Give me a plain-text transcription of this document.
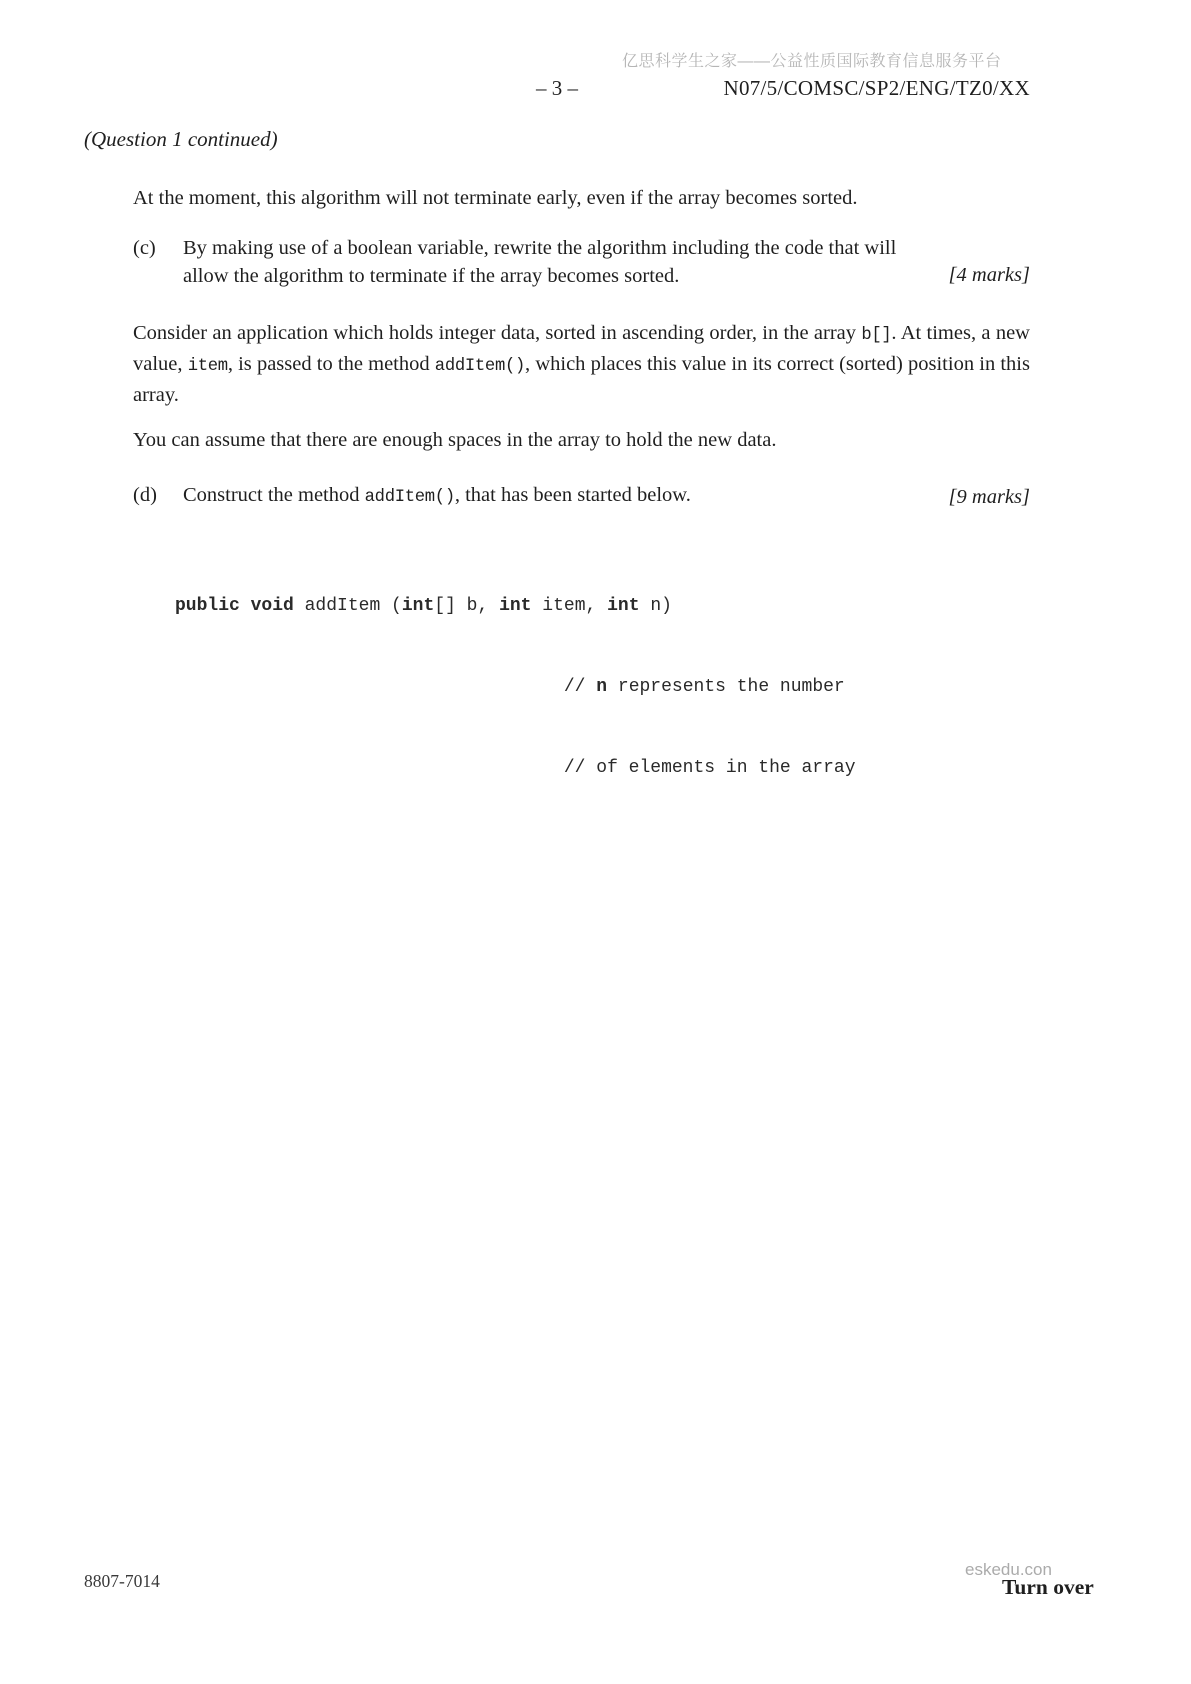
亿思科学生之家——公益性质国际教育信息服务平台
– 3 –	N07/5/COMSC/SP2/ENG/TZ0/XX
(Question 1 continued)
At the moment, this algorithm will not terminate early, even if the array becomes sorted.
(c)	By making use of a boolean variable, rewrite the algorithm including the code that will allow the algorithm to terminate if the array becomes sorted.	[4 marks]
Consider an application which holds integer data, sorted in ascending order, in the array b[]. At times, a new value, item, is passed to the method addItem(), which places this value in its correct (sorted) position in this array.
You can assume that there are enough spaces in the array to hold the new data.
(d)	Construct the method addItem(), that has been started below.	[9 marks]

public void addItem (int[] b, int item, int n)

// n represents the number

// of elements in the array

8807-7014
eskedu.con
Turn over
